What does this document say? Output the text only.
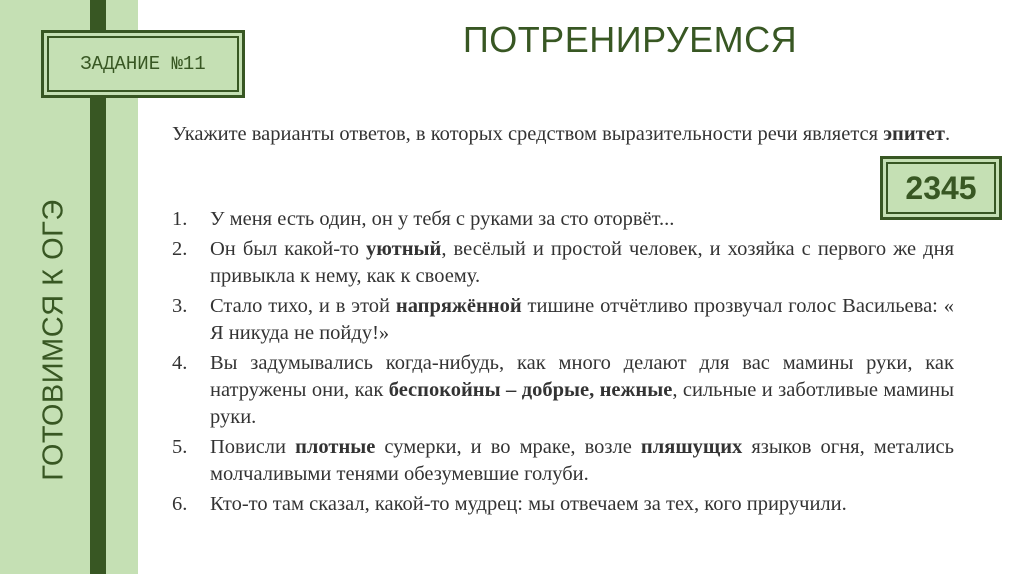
ГОТОВИМСЯ К ОГЭ
ЗАДАНИЕ №11
ПОТРЕНИРУЕМСЯ
Укажите варианты ответов, в которых средством выразительности речи является эпитет.
2345
1.	У меня есть один, он у тебя с руками за сто оторвёт...
2.	Он был какой-то уютный, весёлый и простой человек, и хозяйка с первого же дня привыкла к нему, как к своему.
3.	Стало тихо, и в этой напряжённой тишине отчётливо прозвучал голос Васильева: « Я никуда не пойду!»
4.	Вы задумывались когда-нибудь, как много делают для вас мамины руки, как натружены они, как беспокойны – добрые, нежные, сильные и заботливые мамины руки.
5.	Повисли плотные сумерки, и во мраке, возле пляшущих языков огня, метались молчаливыми тенями обезумевшие голуби.
6.	Кто-то там сказал, какой-то мудрец: мы отвечаем за тех, кого приручили.
